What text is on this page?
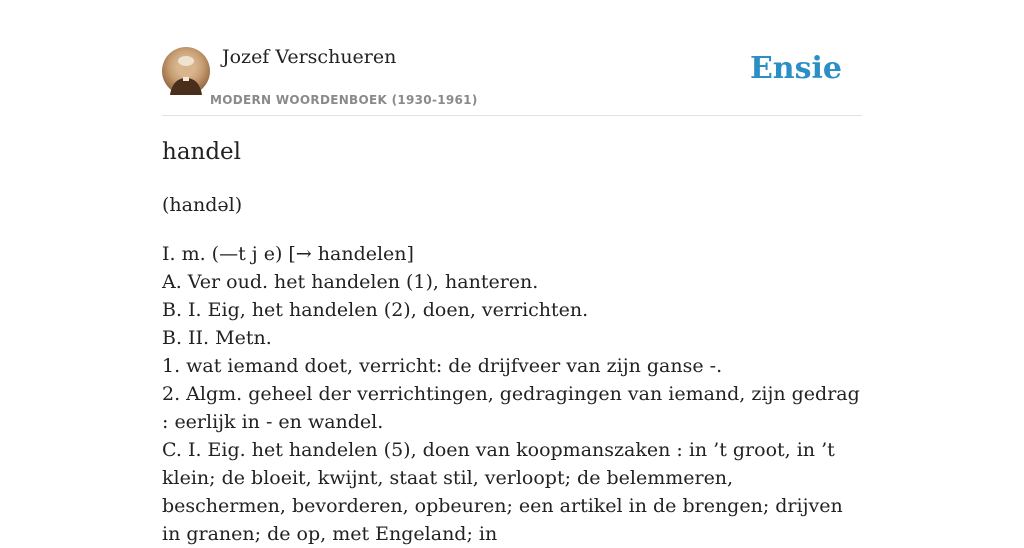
Jozef Verschueren
MODERN WOORDENBOEK (1930-1961)
Ensie
handel
(handəl)
I. m. (—t j e) [→ handelen]
A. Ver oud. het handelen (1), hanteren.
B. I. Eig, het handelen (2), doen, verrichten.
B. II. Metn.
1. wat iemand doet, verricht: de drijfveer van zijn ganse -.
2. Algm. geheel der verrichtingen, gedragingen van iemand, zijn gedrag : eerlijk in - en wandel.
C. I. Eig. het handelen (5), doen van koopmanszaken : in ’t groot, in ’t klein; de bloeit, kwijnt, staat stil, verloopt; de belemmeren, beschermen, bevorderen, opbeuren; een artikel in de brengen; drijven in granen; de op, met Engeland; in
